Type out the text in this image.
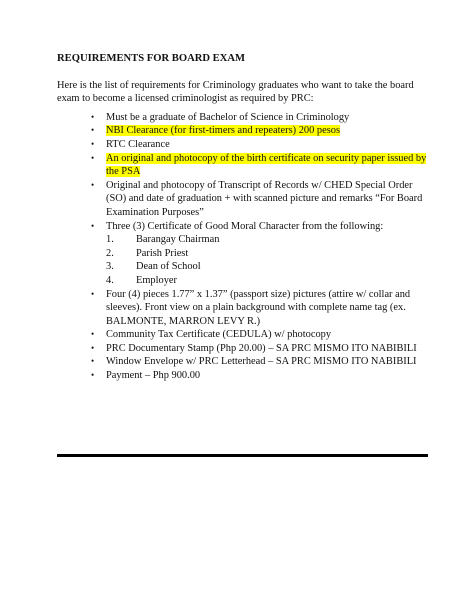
REQUIREMENTS FOR BOARD EXAM
Here is the list of requirements for Criminology graduates who want to take the board exam to become a licensed criminologist as required by PRC:
•	Must be a graduate of Bachelor of Science in Criminology
•	NBI Clearance (for first-timers and repeaters) 200 pesos
•	RTC Clearance
•	An original and photocopy of the birth certificate on security paper issued by the PSA
•	Original and photocopy of Transcript of Records w/ CHED Special Order (SO) and date of graduation + with scanned picture and remarks “For Board Examination Purposes”
•	Three (3) Certificate of Good Moral Character from the following:
1.	Barangay Chairman
2.	Parish Priest
3.	Dean of School
4.	Employer
•	Four (4) pieces 1.77” x 1.37” (passport size) pictures (attire w/ collar and sleeves). Front view on a plain background with complete name tag (ex. BALMONTE, MARRON LEVY R.)
•	Community Tax Certificate (CEDULA) w/ photocopy
•	PRC Documentary Stamp (Php 20.00) – SA PRC MISMO ITO NABIBILI
•	Window Envelope w/ PRC Letterhead – SA PRC MISMO ITO NABIBILI
•	Payment – Php 900.00
